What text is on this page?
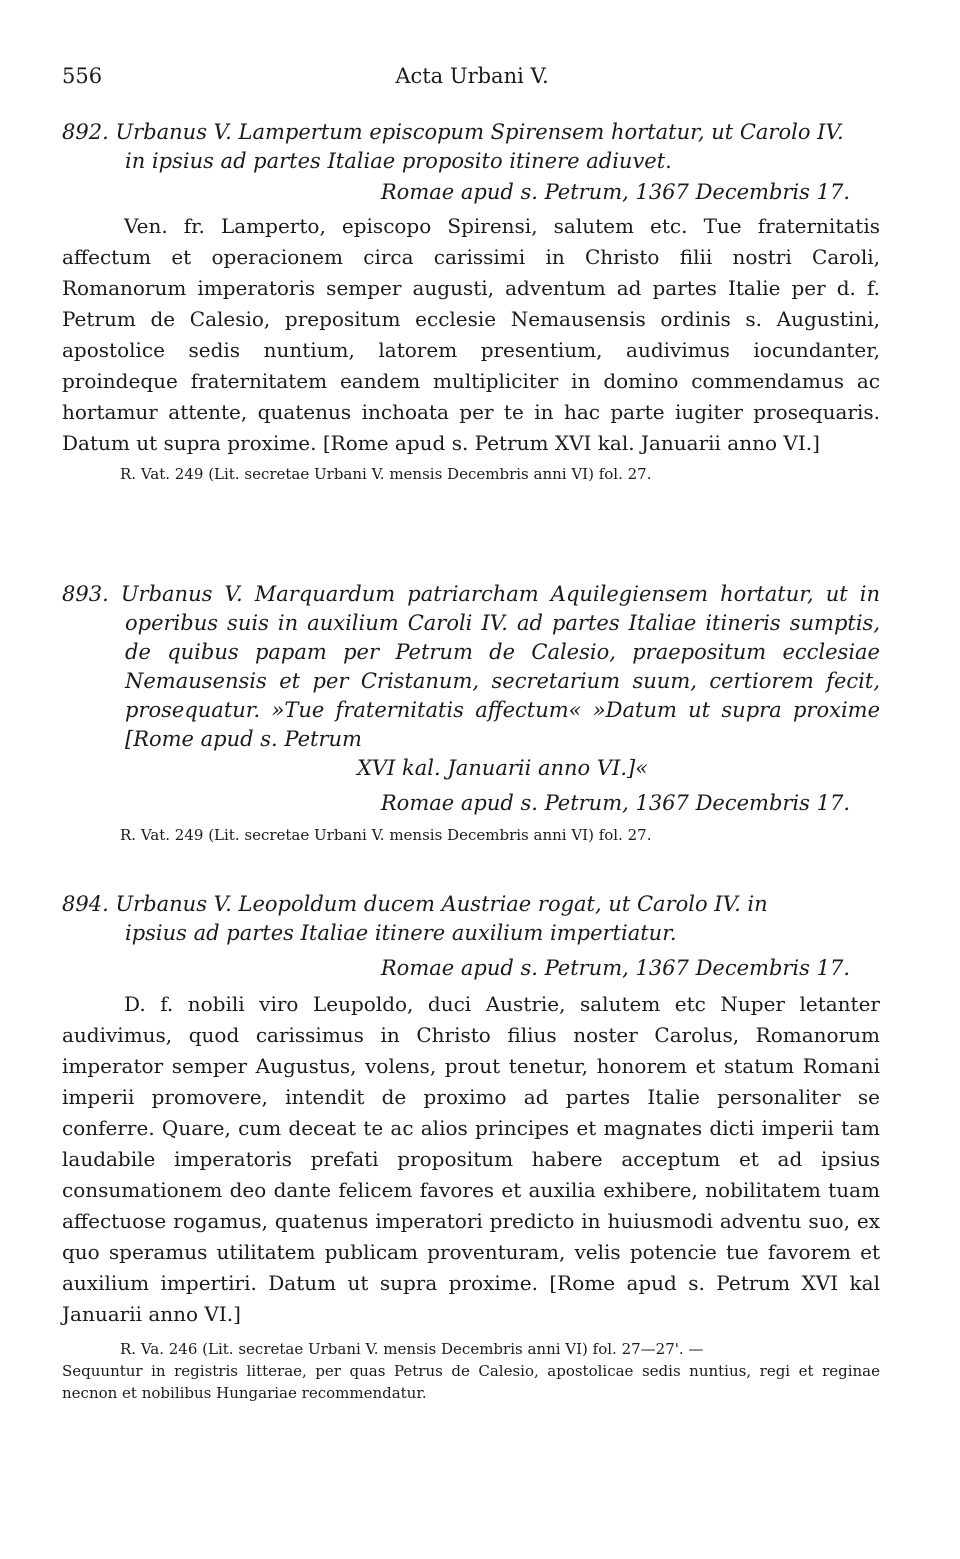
556	Acta Urbani V.
892. Urbanus V. Lampertum episcopum Spirensem hortatur, ut Carolo IV.
in ipsius ad partes Italiae proposito itinere adiuvet.
Romae apud s. Petrum, 1367 Decembris 17.

Ven. fr. Lamperto, episcopo Spirensi, salutem etc. Tue fraternitatis affectum et operacionem circa carissimi in Christo filii nostri Caroli, Romanorum imperatoris semper augusti, adventum ad partes Italie per d. f. Petrum de Calesio, prepositum ecclesie Nemausensis ordinis s. Augustini, apostolice sedis nuntium, latorem presentium, audivimus iocundanter, proindeque fraternitatem eandem multipliciter in domino commendamus ac hortamur attente, quatenus inchoata per te in hac parte iugiter prosequaris. Datum ut supra proxime. [Rome apud s. Petrum XVI kal. Januarii anno VI.]

R. Vat. 249 (Lit. secretae Urbani V. mensis Decembris anni VI) fol. 27.
893. Urbanus V. Marquardum patriarcham Aquilegiensem hortatur, ut in operibus suis in auxilium Caroli IV. ad partes Italiae itineris sumptis, de quibus papam per Petrum de Calesio, praepositum ecclesiae Nemausensis et per Cristanum, secretarium suum, certiorem fecit, prosequatur. »Tue fraternitatis affectum« »Datum ut supra proxime [Rome apud s. Petrum
XVI kal. Januarii anno VI.]«
Romae apud s. Petrum, 1367 Decembris 17.
R. Vat. 249 (Lit. secretae Urbani V. mensis Decembris anni VI) fol. 27.
894. Urbanus V. Leopoldum ducem Austriae rogat, ut Carolo IV. in
ipsius ad partes Italiae itinere auxilium impertiatur.
Romae apud s. Petrum, 1367 Decembris 17.

D. f. nobili viro Leupoldo, duci Austrie, salutem etc Nuper letanter audivimus, quod carissimus in Christo filius noster Carolus, Romanorum imperator semper Augustus, volens, prout tenetur, honorem et statum Romani imperii promovere, intendit de proximo ad partes Italie personaliter se conferre. Quare, cum deceat te ac alios principes et magnates dicti imperii tam laudabile imperatoris prefati propositum habere acceptum et ad ipsius consumationem deo dante felicem favores et auxilia exhibere, nobilitatem tuam affectuose rogamus, quatenus imperatori predicto in huiusmodi adventu suo, ex quo speramus utilitatem publicam proventuram, velis potencie tue favorem et auxilium impertiri. Datum ut supra proxime. [Rome apud s. Petrum XVI kal Januarii anno VI.]

R. Va. 246 (Lit. secretae Urbani V. mensis Decembris anni VI) fol. 27—27'. —

Sequuntur in registris litterae, per quas Petrus de Calesio, apostolicae sedis nuntius, regi et reginae necnon et nobilibus Hungariae recommendatur.
